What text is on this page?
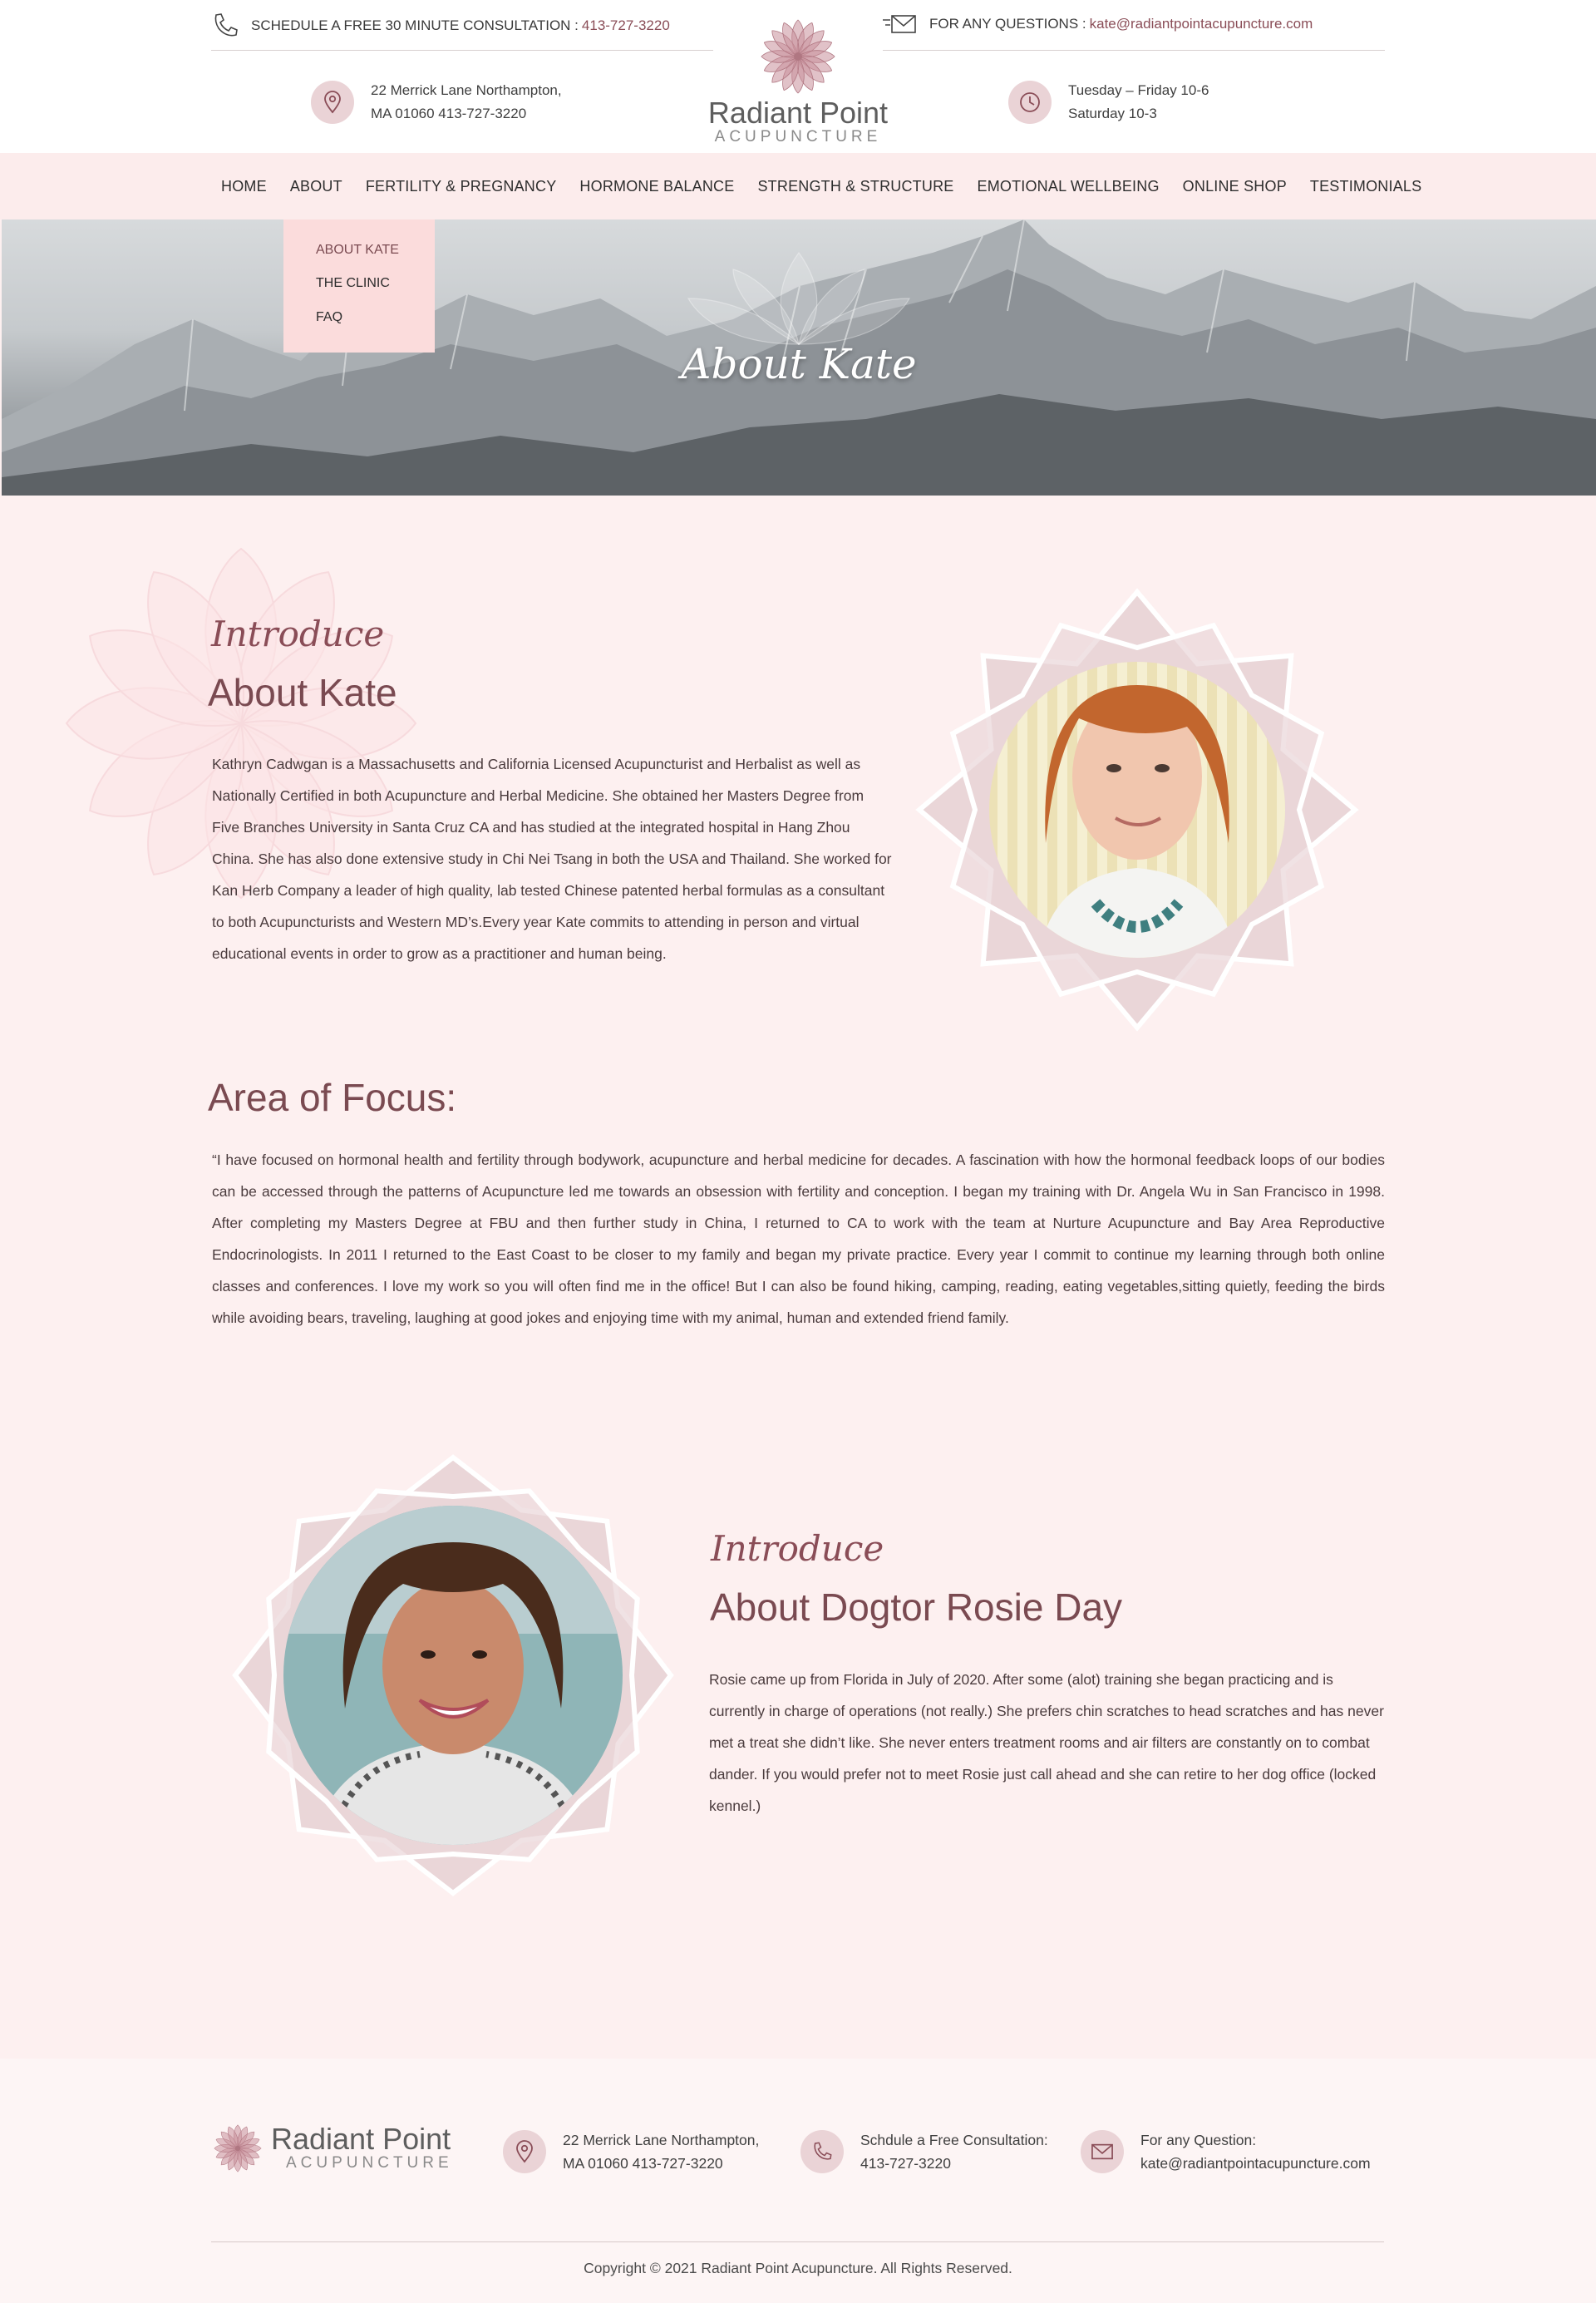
SCHEDULE A FREE 30 MINUTE CONSULTATION : 413-727-3220	FOR ANY QUESTIONS : kate@radiantpointacupuncture.com
22 Merrick Lane Northampton,
MA 01060 413-727-3220
Tuesday – Friday 10-6
Saturday 10-3
Radiant Point
ACUPUNCTURE
HOME	ABOUT	FERTILITY & PREGNANCY	HORMONE BALANCE	STRENGTH & STRUCTURE	EMOTIONAL WELLBEING	ONLINE SHOP	TESTIMONIALS
About Kate
ABOUT KATE
THE CLINIC
FAQ
Introduce
About Kate

Kathryn Cadwgan is a Massachusetts and California Licensed Acupuncturist and Herbalist as well as Nationally Certified in both Acupuncture and Herbal Medicine. She obtained her Masters Degree from Five Branches University in Santa Cruz CA and has studied at the integrated hospital in Hang Zhou China. She has also done extensive study in Chi Nei Tsang in both the USA and Thailand. She worked for Kan Herb Company a leader of high quality, lab tested Chinese patented herbal formulas as a consultant to both Acupuncturists and Western MD’s.Every year Kate commits to attending in person and virtual educational events in order to grow as a practitioner and human being.

Area of Focus:

“I have focused on hormonal health and fertility through bodywork, acupuncture and herbal medicine for decades. A fascination with how the hormonal feedback loops of our bodies can be accessed through the patterns of Acupuncture led me towards an obsession with fertility and conception. I began my training with Dr. Angela Wu in San Francisco in 1998. After completing my Masters Degree at FBU and then further study in China, I returned to CA to work with the team at Nurture Acupuncture and Bay Area Reproductive Endocrinologists. In 2011 I returned to the East Coast to be closer to my family and began my private practice. Every year I commit to continue my learning through both online classes and conferences. I love my work so you will often find me in the office! But I can also be found hiking, camping, reading, eating vegetables,sitting quietly, feeding the birds while avoiding bears, traveling, laughing at good jokes and enjoying time with my animal, human and extended friend family.

Introduce
About Dogtor Rosie Day

Rosie came up from Florida in July of 2020. After some (alot) training she began practicing and is currently in charge of operations (not really.) She prefers chin scratches to head scratches and has never met a treat she didn’t like. She never enters treatment rooms and air filters are constantly on to combat dander. If you would prefer not to meet Rosie just call ahead and she can retire to her dog office (locked kennel.)

Radiant Point
ACUPUNCTURE
22 Merrick Lane Northampton,
MA 01060 413-727-3220
Schdule a Free Consultation:
413-727-3220
For any Question:
kate@radiantpointacupuncture.com
Copyright © 2021 Radiant Point Acupuncture. All Rights Reserved.
